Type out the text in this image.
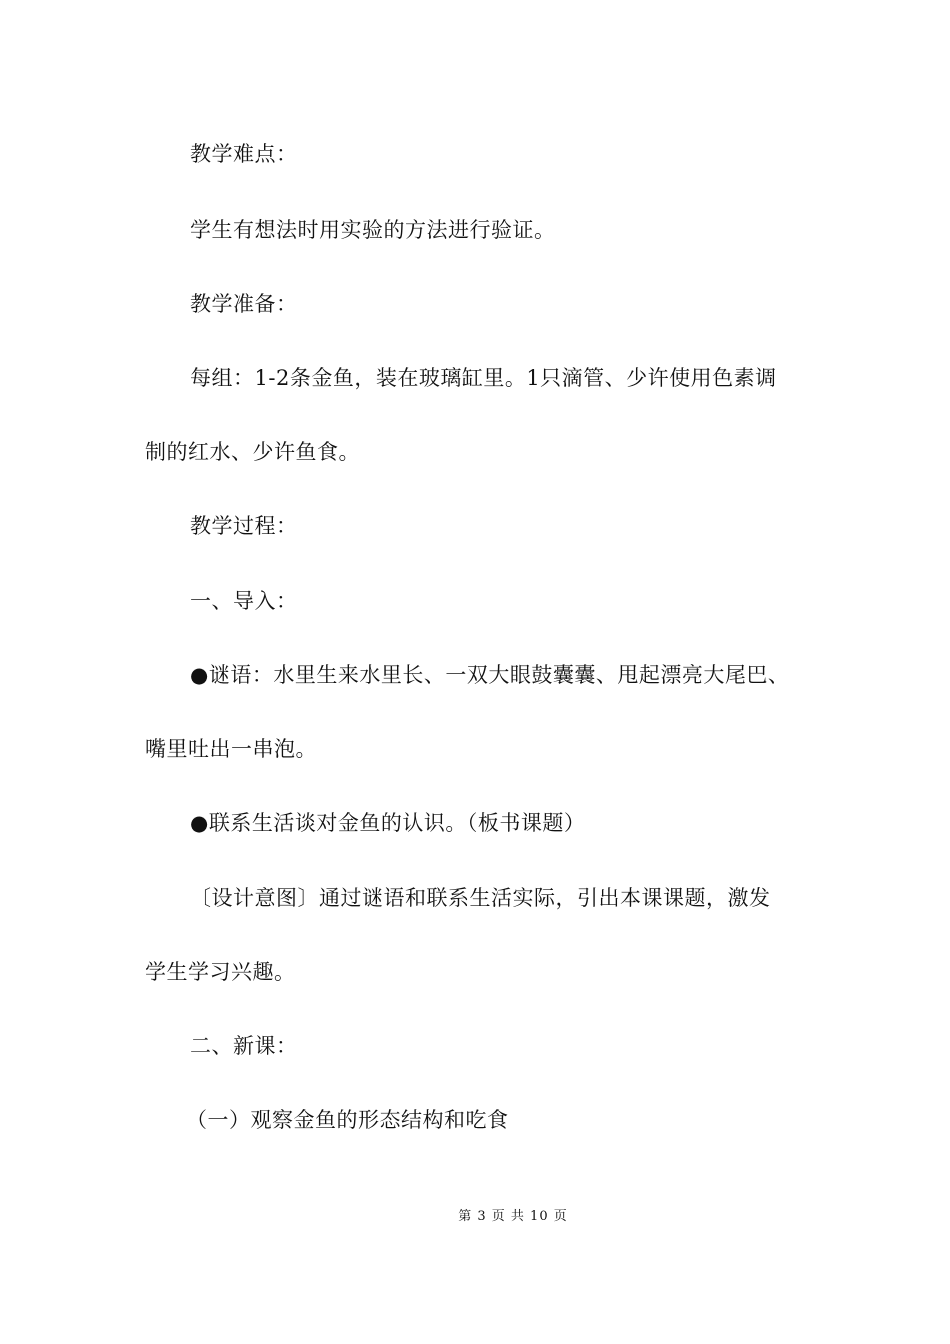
教学难点：
学生有想法时用实验的方法进行验证。
教学准备：
每组：1-2条金鱼，装在玻璃缸里。1只滴管、少许使用色素调
制的红水、少许鱼食。
教学过程：
一、导入：
●谜语：水里生来水里长、一双大眼鼓囊囊、甩起漂亮大尾巴、
嘴里吐出一串泡。
●联系生活谈对金鱼的认识。（板书课题）
〔设计意图〕通过谜语和联系生活实际，引出本课课题，激发
学生学习兴趣。
二、新课：
（一）观察金鱼的形态结构和吃食
第 3 页 共 10 页
